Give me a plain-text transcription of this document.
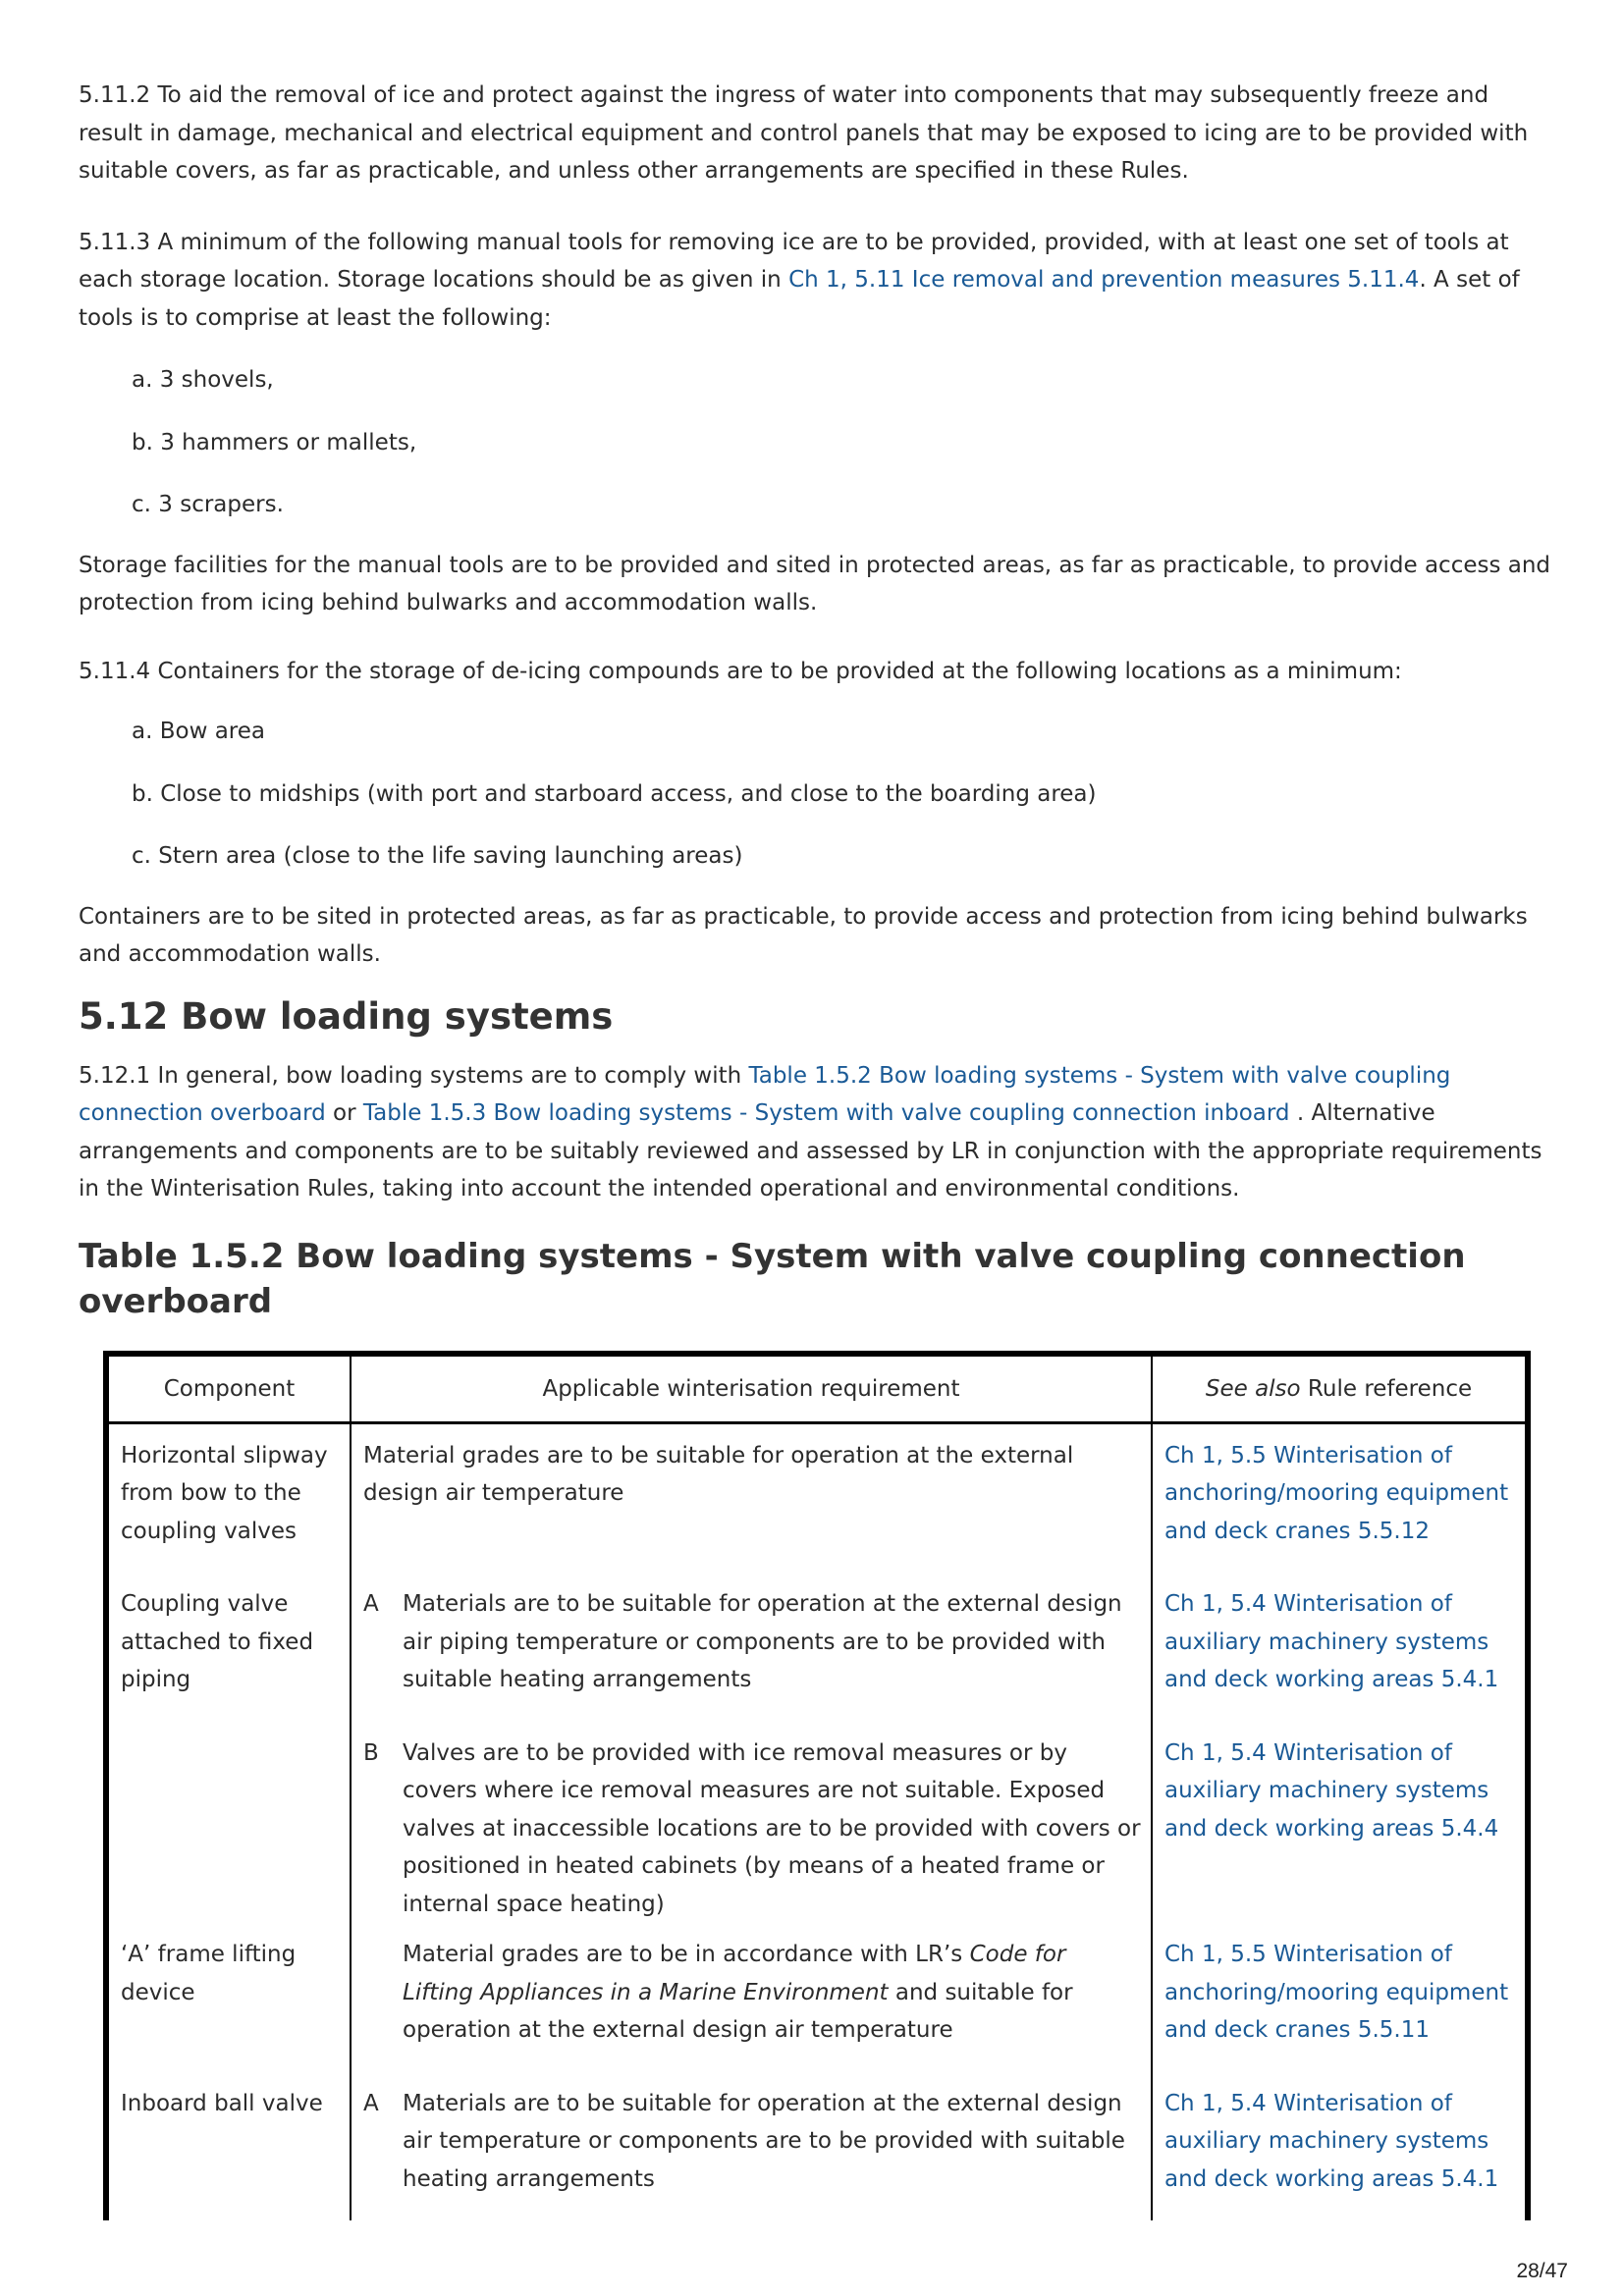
5.11.2 To aid the removal of ice and protect against the ingress of water into components that may subsequently freeze and result in damage, mechanical and electrical equipment and control panels that may be exposed to icing are to be provided with suitable covers, as far as practicable, and unless other arrangements are specified in these Rules.

5.11.3 A minimum of the following manual tools for removing ice are to be provided, provided, with at least one set of tools at each storage location. Storage locations should be as given in Ch 1, 5.11 Ice removal and prevention measures 5.11.4. A set of tools is to comprise at least the following:

a. 3 shovels,
b. 3 hammers or mallets,
c. 3 scrapers.

Storage facilities for the manual tools are to be provided and sited in protected areas, as far as practicable, to provide access and protection from icing behind bulwarks and accommodation walls.

5.11.4 Containers for the storage of de-icing compounds are to be provided at the following locations as a minimum:

a. Bow area
b. Close to midships (with port and starboard access, and close to the boarding area)
c. Stern area (close to the life saving launching areas)

Containers are to be sited in protected areas, as far as practicable, to provide access and protection from icing behind bulwarks and accommodation walls.

5.12 Bow loading systems

5.12.1 In general, bow loading systems are to comply with Table 1.5.2 Bow loading systems - System with valve coupling connection overboard or Table 1.5.3 Bow loading systems - System with valve coupling connection inboard . Alternative arrangements and components are to be suitably reviewed and assessed by LR in conjunction with the appropriate requirements in the Winterisation Rules, taking into account the intended operational and environmental conditions.

Table 1.5.2 Bow loading systems - System with valve coupling connection overboard
Component	Applicable winterisation requirement	See also Rule reference
Horizontal slipway from bow to the coupling valves	Material grades are to be suitable for operation at the external design air temperature	Ch 1, 5.5 Winterisation of anchoring/mooring equipment and deck cranes 5.5.12

Coupling valve attached to fixed piping	A Materials are to be suitable for operation at the external design air piping temperature or components are to be provided with suitable heating arrangements	Ch 1, 5.4 Winterisation of auxiliary machinery systems and deck working areas 5.4.1

	B Valves are to be provided with ice removal measures or by covers where ice removal measures are not suitable. Exposed valves at inaccessible locations are to be provided with covers or positioned in heated cabinets (by means of a heated frame or internal space heating)	Ch 1, 5.4 Winterisation of auxiliary machinery systems and deck working areas 5.4.4

‘A’ frame lifting device	Material grades are to be in accordance with LR’s Code for Lifting Appliances in a Marine Environment and suitable for operation at the external design air temperature	Ch 1, 5.5 Winterisation of anchoring/mooring equipment and deck cranes 5.5.11

Inboard ball valve	A Materials are to be suitable for operation at the external design air temperature or components are to be provided with suitable heating arrangements	Ch 1, 5.4 Winterisation of auxiliary machinery systems and deck working areas 5.4.1
28/47
